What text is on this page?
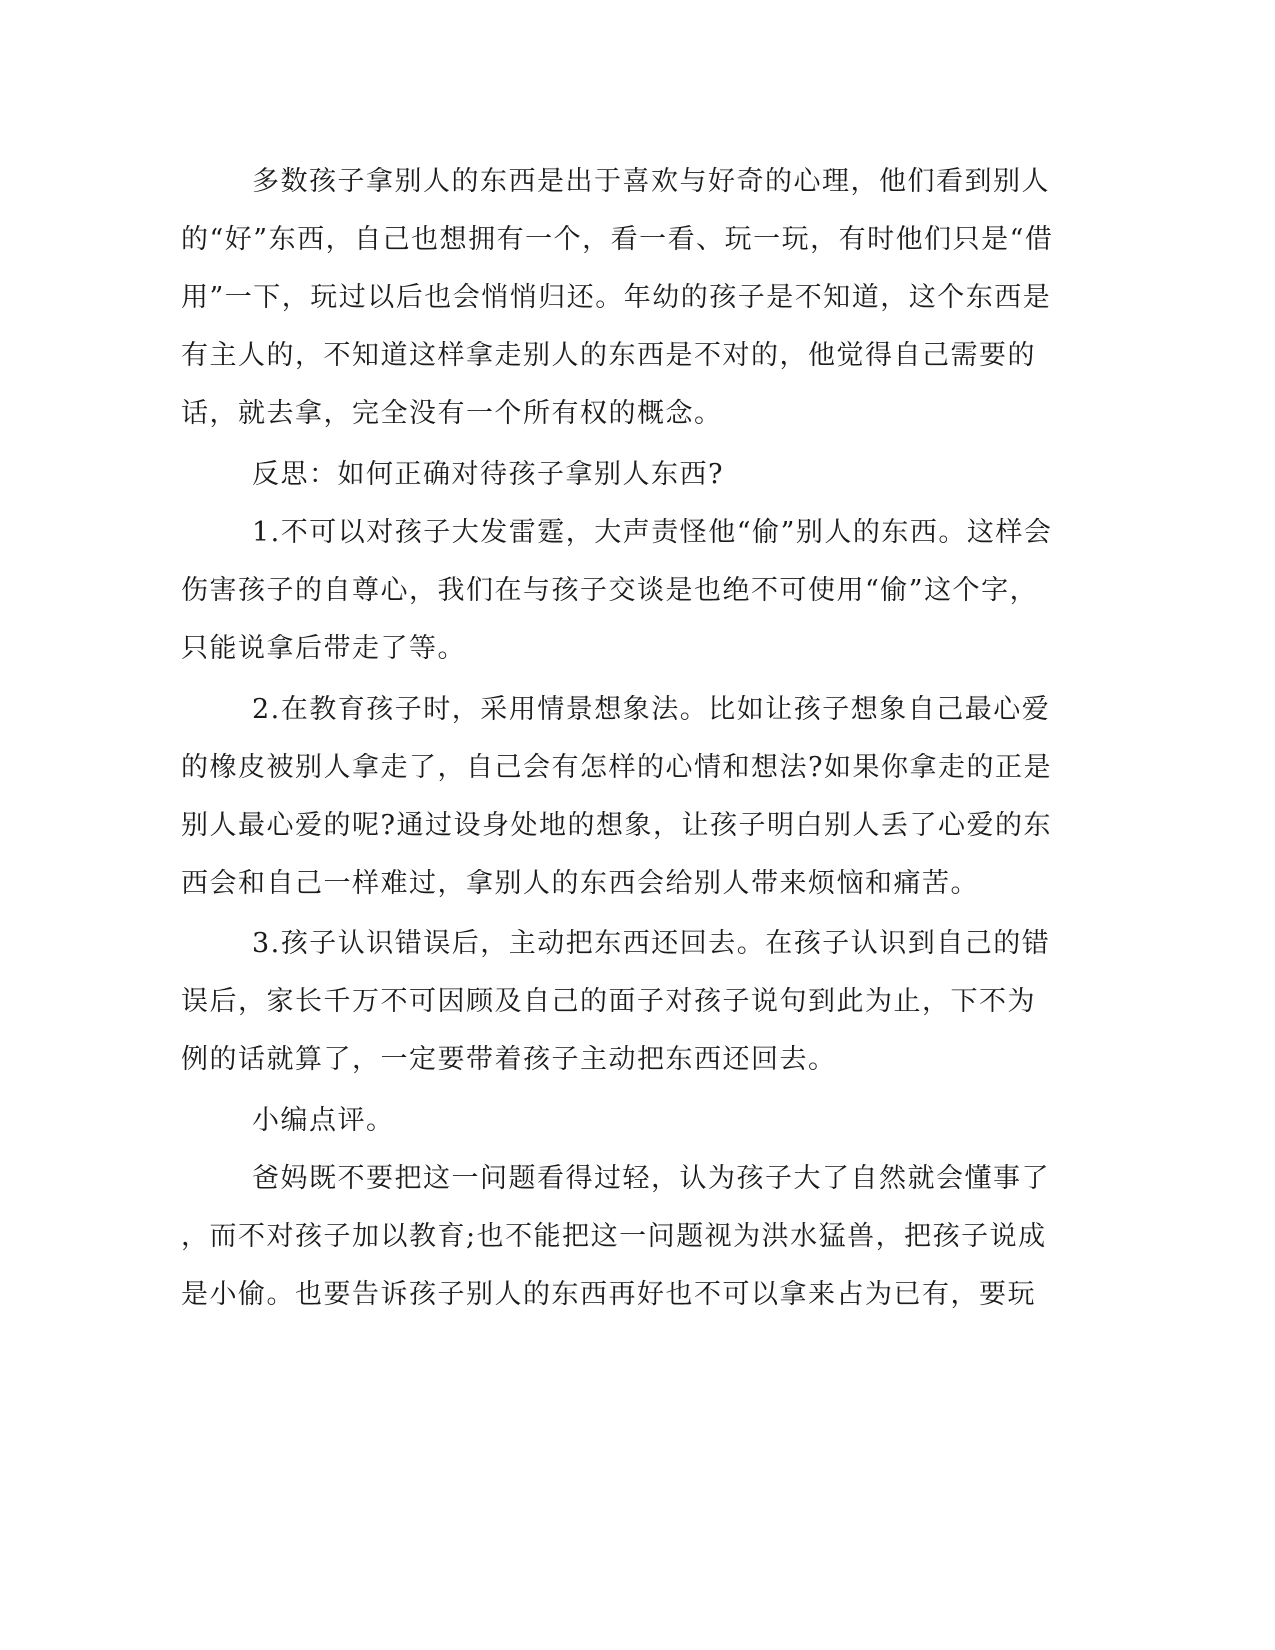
多数孩子拿别人的东西是出于喜欢与好奇的心理，他们看到别人

的“好”东西，自己也想拥有一个，看一看、玩一玩，有时他们只是“借

用”一下，玩过以后也会悄悄归还。年幼的孩子是不知道，这个东西是

有主人的，不知道这样拿走别人的东西是不对的，他觉得自己需要的

话，就去拿，完全没有一个所有权的概念。

反思：如何正确对待孩子拿别人东西?

1.不可以对孩子大发雷霆，大声责怪他“偷”别人的东西。这样会

伤害孩子的自尊心，我们在与孩子交谈是也绝不可使用“偷”这个字，

只能说拿后带走了等。

2.在教育孩子时，采用情景想象法。比如让孩子想象自己最心爱

的橡皮被别人拿走了，自己会有怎样的心情和想法?如果你拿走的正是

别人最心爱的呢?通过设身处地的想象，让孩子明白别人丢了心爱的东

西会和自己一样难过，拿别人的东西会给别人带来烦恼和痛苦。

3.孩子认识错误后，主动把东西还回去。在孩子认识到自己的错

误后，家长千万不可因顾及自己的面子对孩子说句到此为止，下不为

例的话就算了，一定要带着孩子主动把东西还回去。

小编点评。

爸妈既不要把这一问题看得过轻，认为孩子大了自然就会懂事了

，而不对孩子加以教育;也不能把这一问题视为洪水猛兽，把孩子说成

是小偷。也要告诉孩子别人的东西再好也不可以拿来占为已有，要玩
